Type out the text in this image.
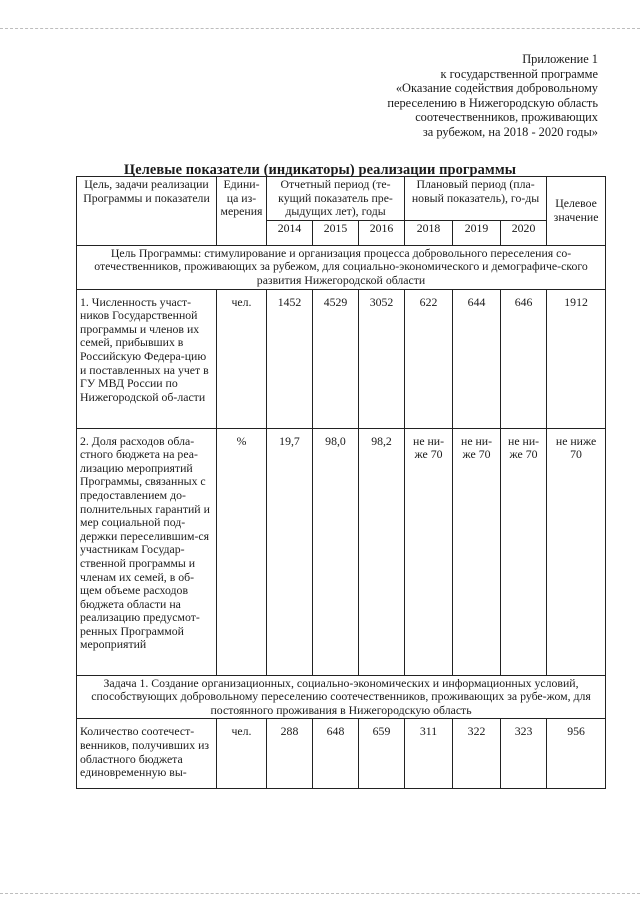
Приложение 1
к государственной программе
«Оказание содействия добровольному
переселению в Нижегородскую область
соотечественников, проживающих
за рубежом, на 2018 - 2020 годы»
Целевые показатели (индикаторы) реализации программы
Цель, задачи реализации Программы и показатели	Едини-ца из-мерения	Отчетный период (те-кущий показатель пре-дыдущих лет), годы			Плановый период (пла-новый показатель), го-ды			Целевое значение
		2014	2015	2016	2018	2019	2020	
Цель Программы: стимулирование и организация процесса добровольного переселения со-отечественников, проживающих за рубежом, для социально-экономического и демографиче-ского развития Нижегородской области								
1. Численность участ-ников Государственной программы и членов их семей, прибывших в Российскую Федера-цию и поставленных на учет в ГУ МВД России по Нижегородской об-ласти	чел.	1452	4529	3052	622	644	646	1912
2. Доля расходов обла-стного бюджета на реа-лизацию мероприятий Программы, связанных с предоставлением до-полнительных гарантий и мер социальной под-держки переселившим-ся участникам Государ-ственной программы и членам их семей, в об-щем объеме расходов бюджета области на реализацию предусмот-ренных Программой мероприятий	%	19,7	98,0	98,2	не ни-же 70	не ни-же 70	не ни-же 70	не ниже 70
Задача 1. Создание организационных, социально-экономических и информационных условий, способствующих добровольному переселению соотечественников, проживающих за рубе-жом, для постоянного проживания в Нижегородскую область								
Количество соотечест-венников, получивших из областного бюджета единовременную вы-	чел.	288	648	659	311	322	323	956
